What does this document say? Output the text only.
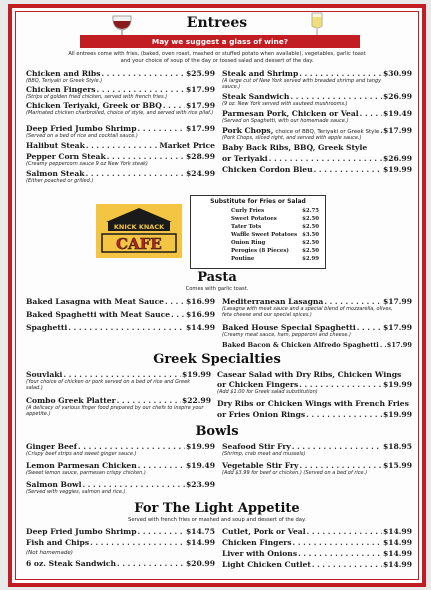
Entrees
May we suggest a glass of wine?
All entrees come with fries, (baked, oven roast, mashed or stuffed potato when available), vegetables, garlic toast
and your choice of soup of the day or tossed salad and dessert of the day.
Chicken and Ribs . . .	$25.99
(BBQ, Teriyaki or Greek Style.)
Chicken Fingers . . .	$17.99
(Strips of golden fried chicken, served with french fries.)
Chicken Teriyaki, Greek or BBQ . . .	$17.99
(Marinated chicken charbroiled, choice of style, and served with rice pilaf.)
Deep Fried Jumbo Shrimp . . .	$17.99
(Served on a bed of rice and cocktail sauce.)
Halibut Steak . . .	Market Price
Pepper Corn Steak . . .	$28.99
(Creamy peppercorn sauce 9 oz New York steak)
Salmon Steak . . .	$24.99
(Either poached or grilled.)
Steak and Shrimp . . .	$30.99
(A large cut of New York served with breaded shrimp and tangy sauce.)
Steak Sandwich . . .	$26.99
(9 oz. New York served with sauteed mushrooms.)
Parmesan Pork, Chicken or Veal . . .	$19.49
(Served on Spaghetti, with our homemade sauce.)
Pork Chops, choice of BBQ, Teriyaki or Greek Style . . . $17.99
(Pork Chops, sliced right, and served with apple sauce.)
Baby Back Ribs, BBQ, Greek Style
or Teriyaki . . .	$26.99
Chicken Cordon Bleu . . .	$19.99
KNICK KNACK
CAFE
Substitute for Fries or Salad
Curly Fries	$2.75
Sweet Potatoes	$2.50
Tater Tots	$2.50
Waffle Sweet Potatoes $3.50
Onion Ring	$2.50
Perogies (8 Pieces)	$2.50
Poutine	$2.99
Pasta
Comes with garlic toast.
Baked Lasagna with Meat Sauce . . .	$16.99
Baked Spaghetti with Meat Sauce . . . $16.99
Spaghetti . . .	$14.99
Mediterranean Lasagna . . .	$17.99
(Lasagna with meat sauce and a special blend of mozzarella, olives, feta cheese and our special spices.)
Baked House Special Spaghetti . . .	$17.99
(Creamy meat sauce, ham, pepperoni and cheese.)
Baked Bacon & Chicken Alfredo Spaghetti . . . $17.99
Greek Specialties
Souvlaki . . .	$19.99
(Your choice of chicken or pork served on a bed of rice and Greek salad.)
Combo Greek Platter . . .	$22.99
(A delicacy of various finger food prepared by our chefs to inspire your appetite.)
Casear Salad with Dry Ribs, Chicken Wings
or Chicken Fingers . . .	$19.99
(Add $1.00 for Greek salad substitution)
Dry Ribs or Chicken Wings with French Fries
or Fries Onion Rings . . .	$19.99
Bowls
Ginger Beef . . .	$19.99
(Crispy beef strips and sweet ginger sauce.)
Lemon Parmesan Chicken . . .	$19.49
(Sweet lemon sauce, parmesan crispy chicken.)
Salmon Bowl . . .	$23.99
(Served with veggies, salmon and rice.)
Seafood Stir Fry . . .	$18.95
(Shrimp, crab meat and mussels)
Vegetable Stir Fry . . .	$15.99
(Add $3.99 for beef or chicken.) (Served on a bed of rice.)
For The Light Appetite
Served with french fries or mashed and soup and dessert of the day.
Deep Fried Jumbo Shrimp . . .	$14.75
Fish and Chips . . .	$14.99
(Not homemade)
6 oz. Steak Sandwich . . .	$20.99
Cutlet, Pork or Veal . . .	$14.99
Chicken Fingers . . .	$14.99
Liver with Onions . . .	$14.99
Light Chicken Cutlet . . .	$14.99
